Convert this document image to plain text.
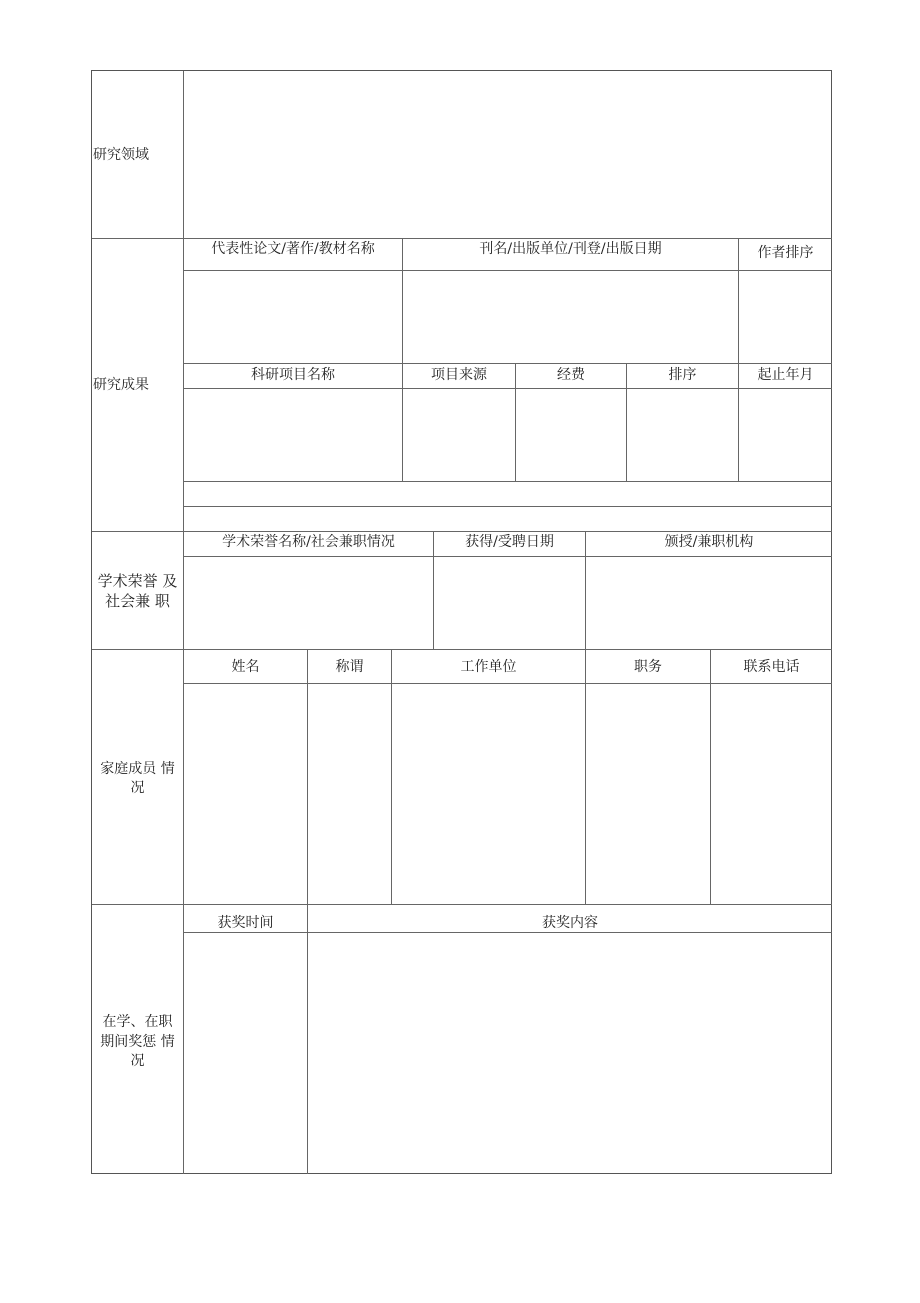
研究领域
研究成果
代表性论文/著作/教材名称	刊名/出版单位/刊登/出版日期	作者排序
科研项目名称	项目来源	经费	排序	起止年月
学术荣誉 及
社会兼 职
学术荣誉名称/社会兼职情况	获得/受聘日期	颁授/兼职机构
家庭成员 情
况
姓名	称谓	工作单位	职务	联系电话
在学、在职
期间奖惩 情
况
获奖时间	获奖内容
